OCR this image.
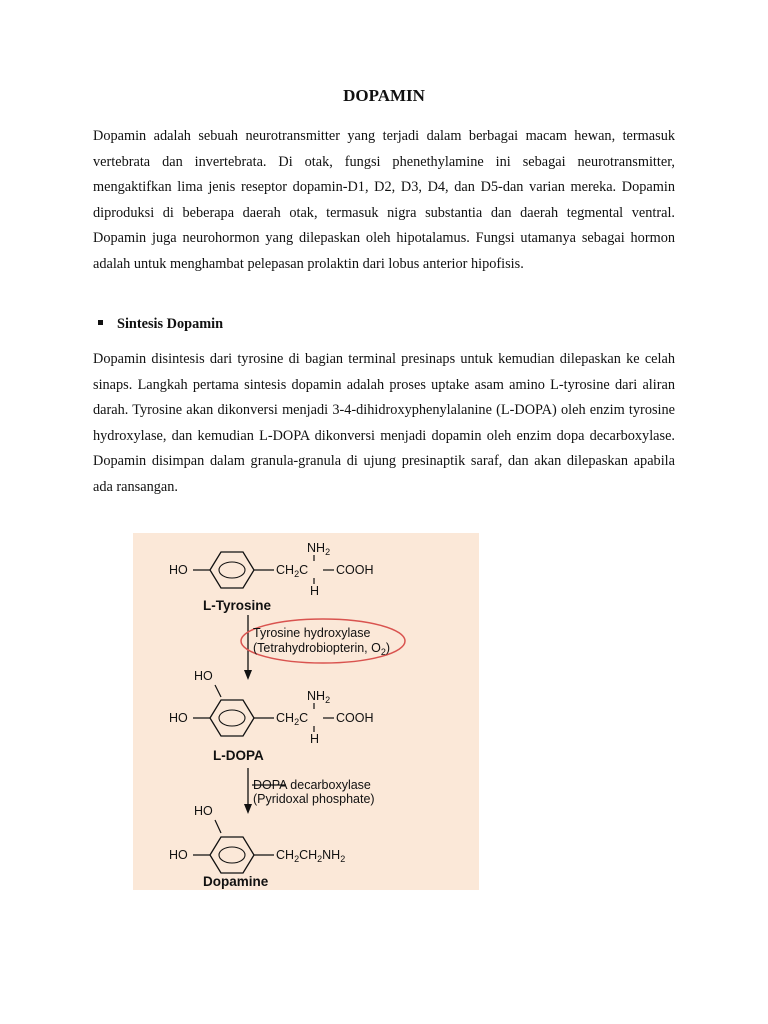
DOPAMIN

Dopamin adalah sebuah neurotransmitter yang terjadi dalam berbagai macam hewan, termasuk vertebrata dan invertebrata. Di otak, fungsi phenethylamine ini sebagai neurotransmitter, mengaktifkan lima jenis reseptor dopamin-D1, D2, D3, D4, dan D5-dan varian mereka. Dopamin diproduksi di beberapa daerah otak, termasuk nigra substantia dan daerah tegmental ventral. Dopamin juga neurohormon yang dilepaskan oleh hipotalamus. Fungsi utamanya sebagai hormon adalah untuk menghambat pelepasan prolaktin dari lobus anterior hipofisis.

Sintesis Dopamin

Dopamin disintesis dari tyrosine di bagian terminal presinaps untuk kemudian dilepaskan ke celah sinaps. Langkah pertama sintesis dopamin adalah proses uptake asam amino L-tyrosine dari aliran darah. Tyrosine akan dikonversi menjadi 3-4-dihidroxyphenylalanine (L-DOPA) oleh enzim tyrosine hydroxylase, dan kemudian L-DOPA dikonversi menjadi dopamin oleh enzim dopa decarboxylase. Dopamin disimpan dalam granula-granula di ujung presinaptik saraf, dan akan dilepaskan apabila ada ransangan.

HO	$CH_2C$ COOH
$NH_2$
H
L-Tyrosine
Tyrosine hydroxylase
(Tetrahydrobiopterin, $O_2$)
HO
HO	$CH_2C$ COOH
$NH_2$
H
L-DOPA
DOPA decarboxylase
(Pyridoxal phosphate)
HO
HO	$CH_2CH_2NH_2$
Dopamine
